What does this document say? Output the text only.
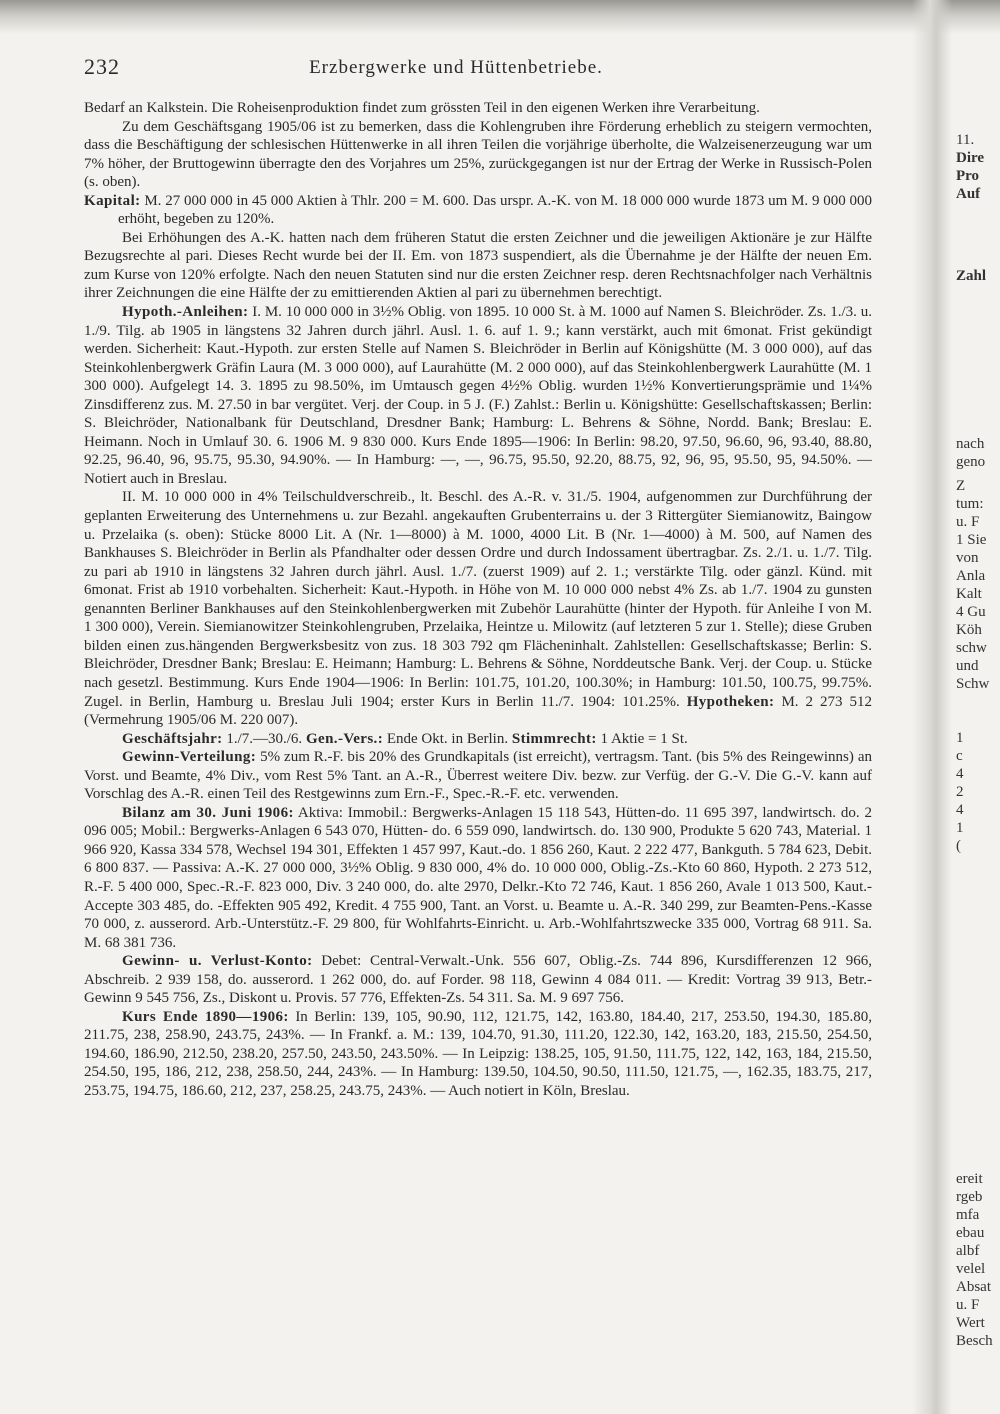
232	Erzbergwerke und Hüttenbetriebe.

Bedarf an Kalkstein. Die Roheisenproduktion findet zum grössten Teil in den eigenen Werken ihre Verarbeitung.

Zu dem Geschäftsgang 1905/06 ist zu bemerken, dass die Kohlengruben ihre Förderung erheblich zu steigern vermochten, dass die Beschäftigung der schlesischen Hüttenwerke in all ihren Teilen die vorjährige überholte, die Walzeisenerzeugung war um 7% höher, der Bruttogewinn überragte den des Vorjahres um 25%, zurückgegangen ist nur der Ertrag der Werke in Russisch-Polen (s. oben).

Kapital: M. 27 000 000 in 45 000 Aktien à Thlr. 200 = M. 600. Das urspr. A.-K. von M. 18 000 000 wurde 1873 um M. 9 000 000 erhöht, begeben zu 120%.

Bei Erhöhungen des A.-K. hatten nach dem früheren Statut die ersten Zeichner und die jeweiligen Aktionäre je zur Hälfte Bezugsrechte al pari. Dieses Recht wurde bei der II. Em. von 1873 suspendiert, als die Übernahme je der Hälfte der neuen Em. zum Kurse von 120% erfolgte. Nach den neuen Statuten sind nur die ersten Zeichner resp. deren Rechtsnachfolger nach Verhältnis ihrer Zeichnungen die eine Hälfte der zu emittierenden Aktien al pari zu übernehmen berechtigt.

Hypoth.-Anleihen: I. M. 10 000 000 in 3½% Oblig. von 1895. 10 000 St. à M. 1000 auf Namen S. Bleichröder. Zs. 1./3. u. 1./9. Tilg. ab 1905 in längstens 32 Jahren durch jährl. Ausl. 1. 6. auf 1. 9.; kann verstärkt, auch mit 6monat. Frist gekündigt werden. Sicherheit: Kaut.-Hypoth. zur ersten Stelle auf Namen S. Bleichröder in Berlin auf Königshütte (M. 3 000 000), auf das Steinkohlenbergwerk Gräfin Laura (M. 3 000 000), auf Laurahütte (M. 2 000 000), auf das Steinkohlenbergwerk Laurahütte (M. 1 300 000). Aufgelegt 14. 3. 1895 zu 98.50%, im Umtausch gegen 4½% Oblig. wurden 1½% Konvertierungsprämie und 1¼% Zinsdifferenz zus. M. 27.50 in bar vergütet. Verj. der Coup. in 5 J. (F.) Zahlst.: Berlin u. Königshütte: Gesellschaftskassen; Berlin: S. Bleichröder, Nationalbank für Deutschland, Dresdner Bank; Hamburg: L. Behrens & Söhne, Nordd. Bank; Breslau: E. Heimann. Noch in Umlauf 30. 6. 1906 M. 9 830 000. Kurs Ende 1895—1906: In Berlin: 98.20, 97.50, 96.60, 96, 93.40, 88.80, 92.25, 96.40, 96, 95.75, 95.30, 94.90%. — In Hamburg: —, —, 96.75, 95.50, 92.20, 88.75, 92, 96, 95, 95.50, 95, 94.50%. — Notiert auch in Breslau.

II. M. 10 000 000 in 4% Teilschuldverschreib., lt. Beschl. des A.-R. v. 31./5. 1904, aufgenommen zur Durchführung der geplanten Erweiterung des Unternehmens u. zur Bezahl. angekauften Grubenterrains u. der 3 Rittergüter Siemianowitz, Baingow u. Przelaika (s. oben): Stücke 8000 Lit. A (Nr. 1—8000) à M. 1000, 4000 Lit. B (Nr. 1—4000) à M. 500, auf Namen des Bankhauses S. Bleichröder in Berlin als Pfandhalter oder dessen Ordre und durch Indossament übertragbar. Zs. 2./1. u. 1./7. Tilg. zu pari ab 1910 in längstens 32 Jahren durch jährl. Ausl. 1./7. (zuerst 1909) auf 2. 1.; verstärkte Tilg. oder gänzl. Künd. mit 6monat. Frist ab 1910 vorbehalten. Sicherheit: Kaut.-Hypoth. in Höhe von M. 10 000 000 nebst 4% Zs. ab 1./7. 1904 zu gunsten genannten Berliner Bankhauses auf den Steinkohlenbergwerken mit Zubehör Laurahütte (hinter der Hypoth. für Anleihe I von M. 1 300 000), Verein. Siemianowitzer Steinkohlengruben, Przelaika, Heintze u. Milowitz (auf letzteren 5 zur 1. Stelle); diese Gruben bilden einen zus.hängenden Bergwerksbesitz von zus. 18 303 792 qm Flächeninhalt. Zahlstellen: Gesellschaftskasse; Berlin: S. Bleichröder, Dresdner Bank; Breslau: E. Heimann; Hamburg: L. Behrens & Söhne, Norddeutsche Bank. Verj. der Coup. u. Stücke nach gesetzl. Bestimmung. Kurs Ende 1904—1906: In Berlin: 101.75, 101.20, 100.30%; in Hamburg: 101.50, 100.75, 99.75%. Zugel. in Berlin, Hamburg u. Breslau Juli 1904; erster Kurs in Berlin 11./7. 1904: 101.25%. Hypotheken: M. 2 273 512 (Vermehrung 1905/06 M. 220 007).

Geschäftsjahr: 1./7.—30./6. Gen.-Vers.: Ende Okt. in Berlin. Stimmrecht: 1 Aktie = 1 St.

Gewinn-Verteilung: 5% zum R.-F. bis 20% des Grundkapitals (ist erreicht), vertragsm. Tant. (bis 5% des Reingewinns) an Vorst. und Beamte, 4% Div., vom Rest 5% Tant. an A.-R., Überrest weitere Div. bezw. zur Verfüg. der G.-V. Die G.-V. kann auf Vorschlag des A.-R. einen Teil des Restgewinns zum Ern.-F., Spec.-R.-F. etc. verwenden.

Bilanz am 30. Juni 1906: Aktiva: Immobil.: Bergwerks-Anlagen 15 118 543, Hütten-do. 11 695 397, landwirtsch. do. 2 096 005; Mobil.: Bergwerks-Anlagen 6 543 070, Hütten- do. 6 559 090, landwirtsch. do. 130 900, Produkte 5 620 743, Material. 1 966 920, Kassa 334 578, Wechsel 194 301, Effekten 1 457 997, Kaut.-do. 1 856 260, Kaut. 2 222 477, Bankguth. 5 784 623, Debit. 6 800 837. — Passiva: A.-K. 27 000 000, 3½% Oblig. 9 830 000, 4% do. 10 000 000, Oblig.-Zs.-Kto 60 860, Hypoth. 2 273 512, R.-F. 5 400 000, Spec.-R.-F. 823 000, Div. 3 240 000, do. alte 2970, Delkr.-Kto 72 746, Kaut. 1 856 260, Avale 1 013 500, Kaut.-Accepte 303 485, do. -Effekten 905 492, Kredit. 4 755 900, Tant. an Vorst. u. Beamte u. A.-R. 340 299, zur Beamten-Pens.-Kasse 70 000, z. ausserord. Arb.-Unterstütz.-F. 29 800, für Wohlfahrts-Einricht. u. Arb.-Wohlfahrtszwecke 335 000, Vortrag 68 911. Sa. M. 68 381 736.

Gewinn- u. Verlust-Konto: Debet: Central-Verwalt.-Unk. 556 607, Oblig.-Zs. 744 896, Kursdifferenzen 12 966, Abschreib. 2 939 158, do. ausserord. 1 262 000, do. auf Forder. 98 118, Gewinn 4 084 011. — Kredit: Vortrag 39 913, Betr.-Gewinn 9 545 756, Zs., Diskont u. Provis. 57 776, Effekten-Zs. 54 311. Sa. M. 9 697 756.

Kurs Ende 1890—1906: In Berlin: 139, 105, 90.90, 112, 121.75, 142, 163.80, 184.40, 217, 253.50, 194.30, 185.80, 211.75, 238, 258.90, 243.75, 243%. — In Frankf. a. M.: 139, 104.70, 91.30, 111.20, 122.30, 142, 163.20, 183, 215.50, 254.50, 194.60, 186.90, 212.50, 238.20, 257.50, 243.50, 243.50%. — In Leipzig: 138.25, 105, 91.50, 111.75, 122, 142, 163, 184, 215.50, 254.50, 195, 186, 212, 238, 258.50, 244, 243%. — In Hamburg: 139.50, 104.50, 90.50, 111.50, 121.75, —, 162.35, 183.75, 217, 253.75, 194.75, 186.60, 212, 237, 258.25, 243.75, 243%. — Auch notiert in Köln, Breslau.

11.
Dire
Pro
Auf
Zahl
nach
geno
Z
tum:
u. F
1 Sie
von
Anla
Kalt
4 Gu
Köh
schw
und
Schw
1
c
4
2
4
1
(
ereit
rgeb
mfa
ebau
albf
velel
Absat
u. F
Wert
Besch
